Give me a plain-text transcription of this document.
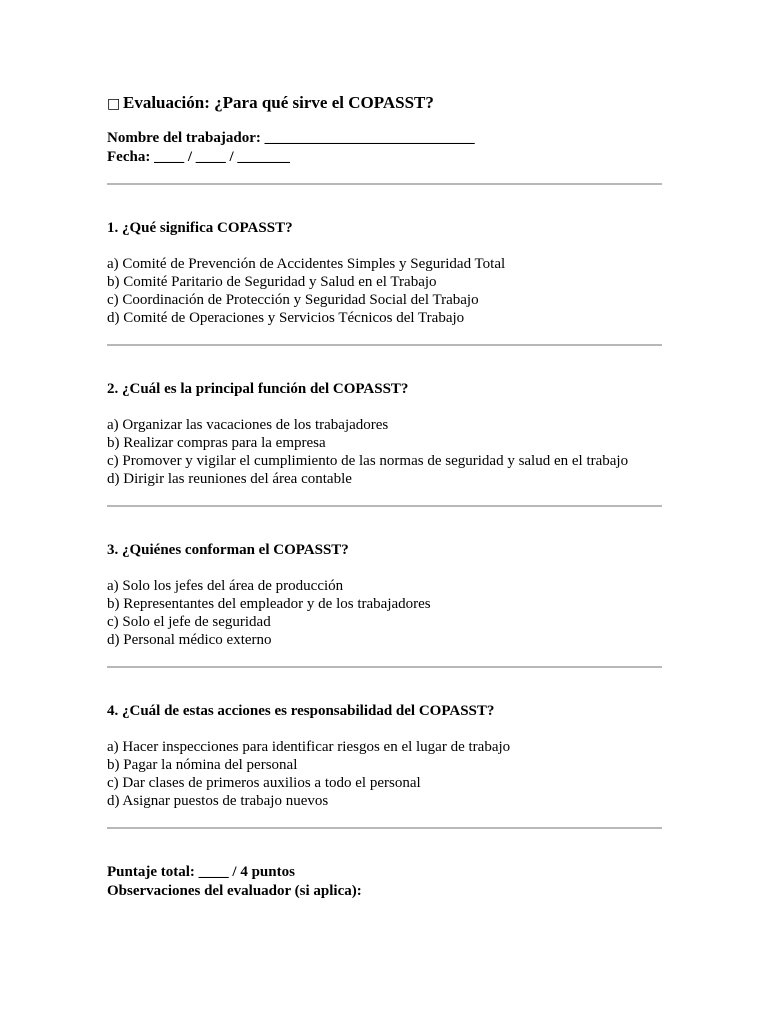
□ Evaluación: ¿Para qué sirve el COPASST?
Nombre del trabajador: ____________________________
Fecha: ____ / ____ / _______

1. ¿Qué significa COPASST?

a) Comité de Prevención de Accidentes Simples y Seguridad Total
b) Comité Paritario de Seguridad y Salud en el Trabajo
c) Coordinación de Protección y Seguridad Social del Trabajo
d) Comité de Operaciones y Servicios Técnicos del Trabajo

2. ¿Cuál es la principal función del COPASST?

a) Organizar las vacaciones de los trabajadores
b) Realizar compras para la empresa
c) Promover y vigilar el cumplimiento de las normas de seguridad y salud en el trabajo
d) Dirigir las reuniones del área contable

3. ¿Quiénes conforman el COPASST?

a) Solo los jefes del área de producción
b) Representantes del empleador y de los trabajadores
c) Solo el jefe de seguridad
d) Personal médico externo

4. ¿Cuál de estas acciones es responsabilidad del COPASST?

a) Hacer inspecciones para identificar riesgos en el lugar de trabajo
b) Pagar la nómina del personal
c) Dar clases de primeros auxilios a todo el personal
d) Asignar puestos de trabajo nuevos
Puntaje total: ____ / 4 puntos
Observaciones del evaluador (si aplica):
